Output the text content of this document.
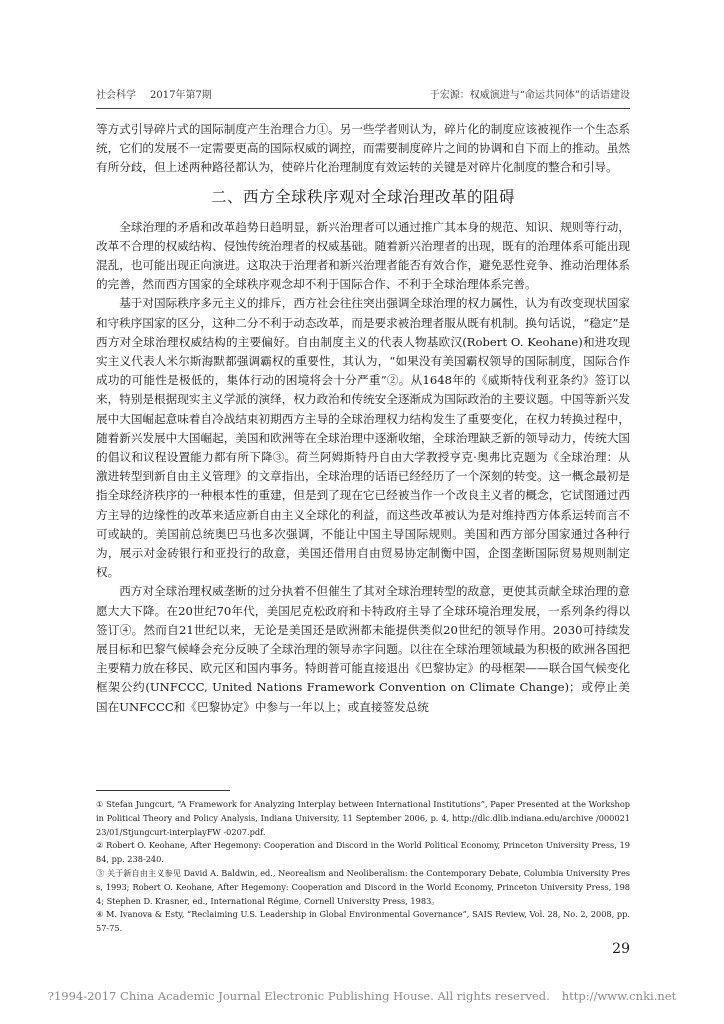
社会科学 2017年第7期	于宏源：权威演进与“命运共同体”的话语建设

等方式引导碎片式的国际制度产生治理合力①。另一些学者则认为，碎片化的制度应该被视作一个生态系统，它们的发展不一定需要更高的国际权威的调控，而需要制度碎片之间的协调和自下而上的推动。虽然有所分歧，但上述两种路径都认为，使碎片化治理制度有效运转的关键是对碎片化制度的整合和引导。

二、西方全球秩序观对全球治理改革的阻碍

全球治理的矛盾和改革趋势日趋明显，新兴治理者可以通过推广其本身的规范、知识、规则等行动，改革不合理的权威结构、侵蚀传统治理者的权威基础。随着新兴治理者的出现，既有的治理体系可能出现混乱，也可能出现正向演进。这取决于治理者和新兴治理者能否有效合作，避免恶性竞争、推动治理体系的完善，然而西方国家的全球秩序观念却不利于国际合作、不利于全球治理体系完善。

基于对国际秩序多元主义的排斥，西方社会往往突出强调全球治理的权力属性，认为有改变现状国家和守秩序国家的区分，这种二分不利于动态改革，而是要求被治理者服从既有机制。换句话说，“稳定”是西方对全球治理权威结构的主要偏好。自由制度主义的代表人物基欧汉(Robert O. Keohane)和进攻现实主义代表人米尔斯海默都强调霸权的重要性，其认为，“如果没有美国霸权领导的国际制度，国际合作成功的可能性是极低的，集体行动的困境将会十分严重”②。从1648年的《威斯特伐利亚条约》签订以来，特别是根据现实主义学派的演绎，权力政治和传统安全逐渐成为国际政治的主要议题。中国等新兴发展中大国崛起意味着自冷战结束初期西方主导的全球治理权力结构发生了重要变化，在权力转换过程中，随着新兴发展中大国崛起，美国和欧洲等在全球治理中逐渐收缩，全球治理缺乏新的领导动力，传统大国的倡议和议程设置能力都有所下降③。荷兰阿姆斯特丹自由大学教授亨克·奥弗比克题为《全球治理：从激进转型到新自由主义管理》的文章指出，全球治理的话语已经经历了一个深刻的转变。这一概念最初是指全球经济秩序的一种根本性的重建，但是到了现在它已经被当作一个改良主义者的概念，它试图通过西方主导的边缘性的改革来适应新自由主义全球化的利益，而这些改革被认为是对维持西方体系运转而言不可或缺的。美国前总统奥巴马也多次强调，不能让中国主导国际规则。美国和西方部分国家通过各种行为，展示对金砖银行和亚投行的敌意，美国还借用自由贸易协定制衡中国，企图垄断国际贸易规则制定权。

西方对全球治理权威垄断的过分执着不但催生了其对全球治理转型的敌意，更使其贡献全球治理的意愿大大下降。在20世纪70年代，美国尼克松政府和卡特政府主导了全球环境治理发展，一系列条约得以签订④。然而自21世纪以来，无论是美国还是欧洲都未能提供类似20世纪的领导作用。2030可持续发展目标和巴黎气候峰会充分反映了全球治理的领导赤字问题。以往在全球治理领域最为积极的欧洲各国把主要精力放在移民、欧元区和国内事务。特朗普可能直接退出《巴黎协定》的母框架——联合国气候变化框架公约(UNFCCC, United Nations Framework Convention on Climate Change)；或停止美国在UNFCCC和《巴黎协定》中参与一年以上；或直接签发总统

① Stefan Jungcurt, “A Framework for Analyzing Interplay between International Institutions”, Paper Presented at the Workshop in Political Theory and Policy Analysis, Indiana University, 11 September 2006, p. 4, http://dlc.dlib.indiana.edu/archive /00002123/01/Stjungcurt-interplayFW -0207.pdf.

② Robert O. Keohane, After Hegemony: Cooperation and Discord in the World Political Economy, Princeton University Press, 1984, pp. 238-240.

③ 关于新自由主义参见 David A. Baldwin, ed., Neorealism and Neoliberalism: the Contemporary Debate, Columbia University Press, 1993; Robert O. Keohane, After Hegemony: Cooperation and Discord in the World Economy, Princeton University Press, 1984; Stephen D. Krasner, ed., International Régime, Cornell University Press, 1983。

④ M. Ivanova & Esty, “Reclaiming U.S. Leadership in Global Environmental Governance”, SAIS Review, Vol. 28, No. 2, 2008, pp. 57-75.

29
?1994-2017 China Academic Journal Electronic Publishing House. All rights reserved. http://www.cnki.net
